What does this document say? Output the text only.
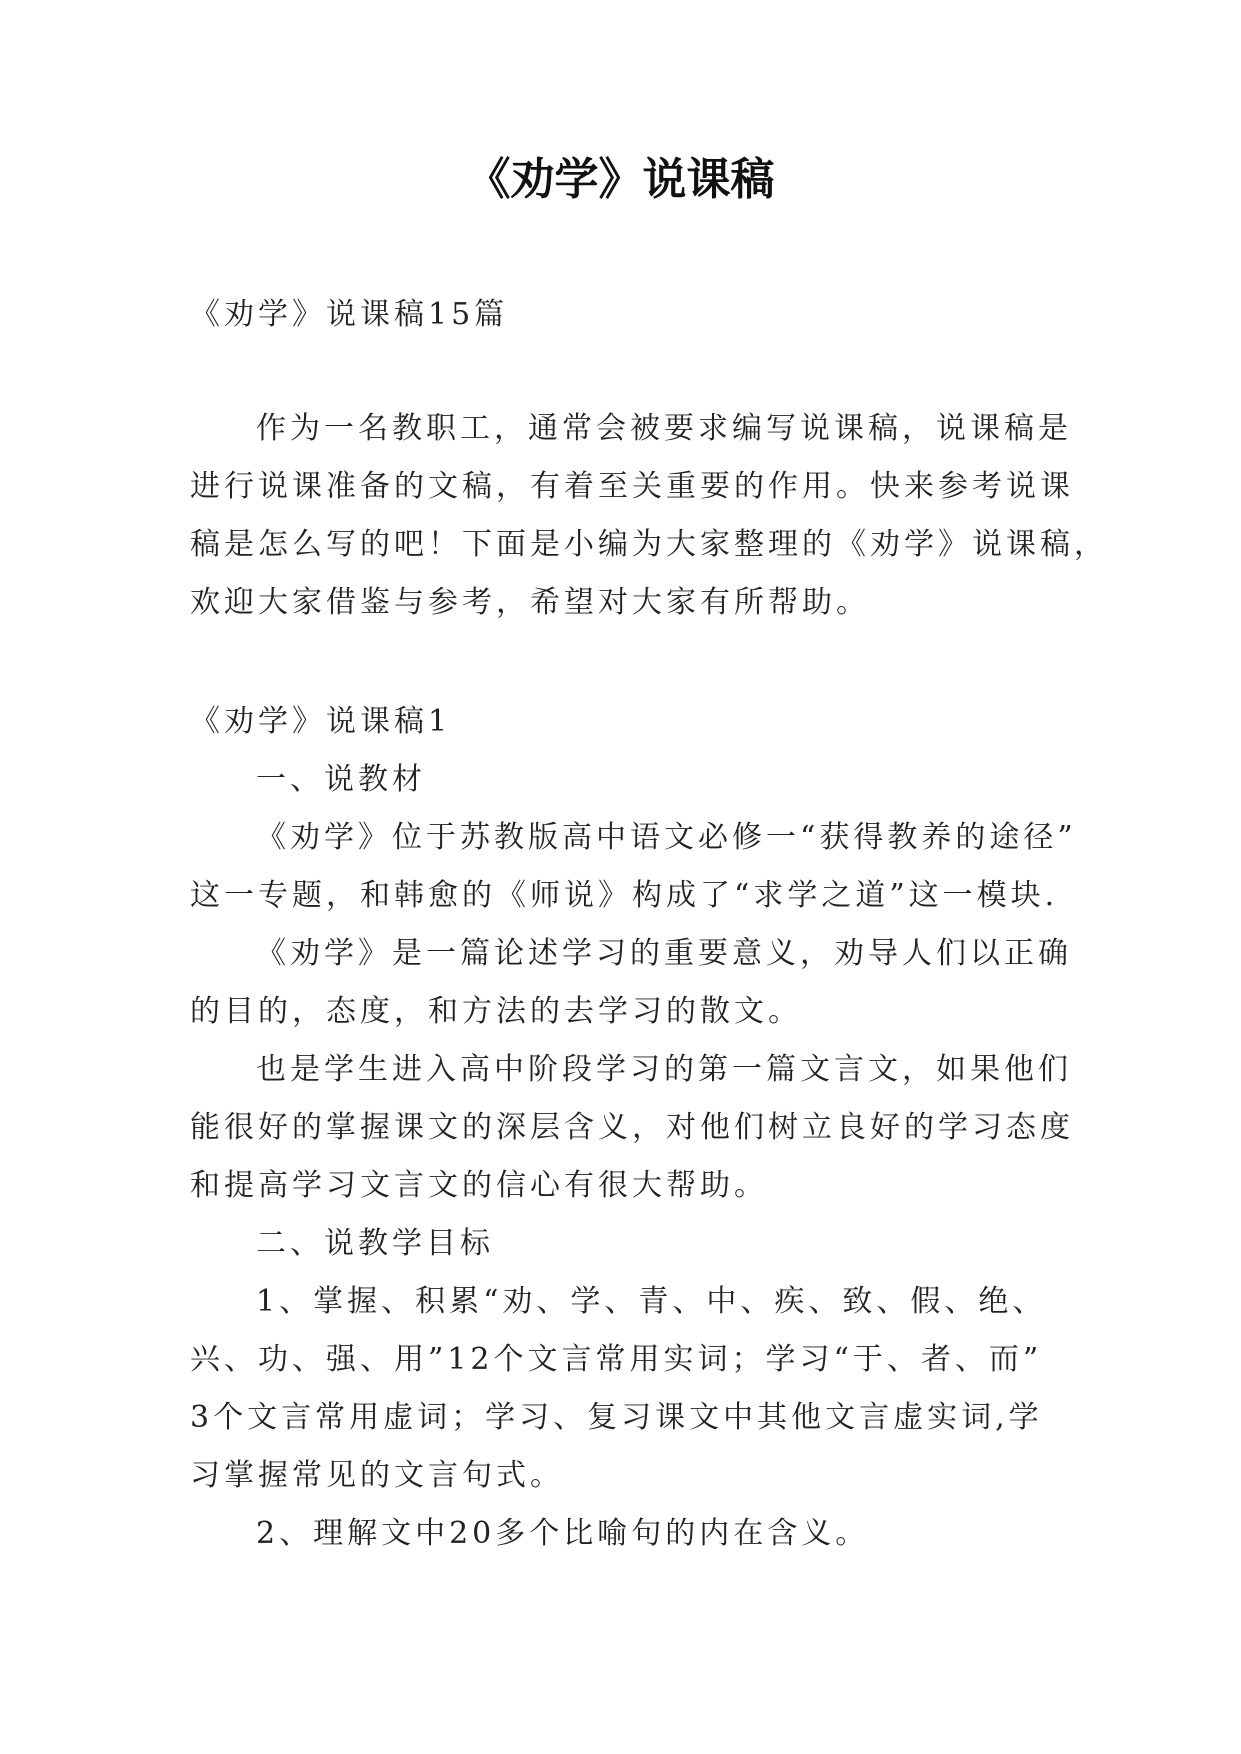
《劝学》说课稿
《劝学》说课稿15篇
作为一名教职工，通常会被要求编写说课稿，说课稿是
进行说课准备的文稿，有着至关重要的作用。快来参考说课
稿是怎么写的吧！下面是小编为大家整理的《劝学》说课稿，
欢迎大家借鉴与参考，希望对大家有所帮助。
《劝学》说课稿1
一、说教材
《劝学》位于苏教版高中语文必修一“获得教养的途径”
这一专题，和韩愈的《师说》构成了“求学之道”这一模块.
《劝学》是一篇论述学习的重要意义，劝导人们以正确
的目的，态度，和方法的去学习的散文。
也是学生进入高中阶段学习的第一篇文言文，如果他们
能很好的掌握课文的深层含义，对他们树立良好的学习态度
和提高学习文言文的信心有很大帮助。
二、说教学目标
1、掌握、积累“劝、学、青、中、疾、致、假、绝、
兴、功、强、用”12个文言常用实词；学习“于、者、而”
3个文言常用虚词；学习、复习课文中其他文言虚实词,学
习掌握常见的文言句式。
2、理解文中20多个比喻句的内在含义。
